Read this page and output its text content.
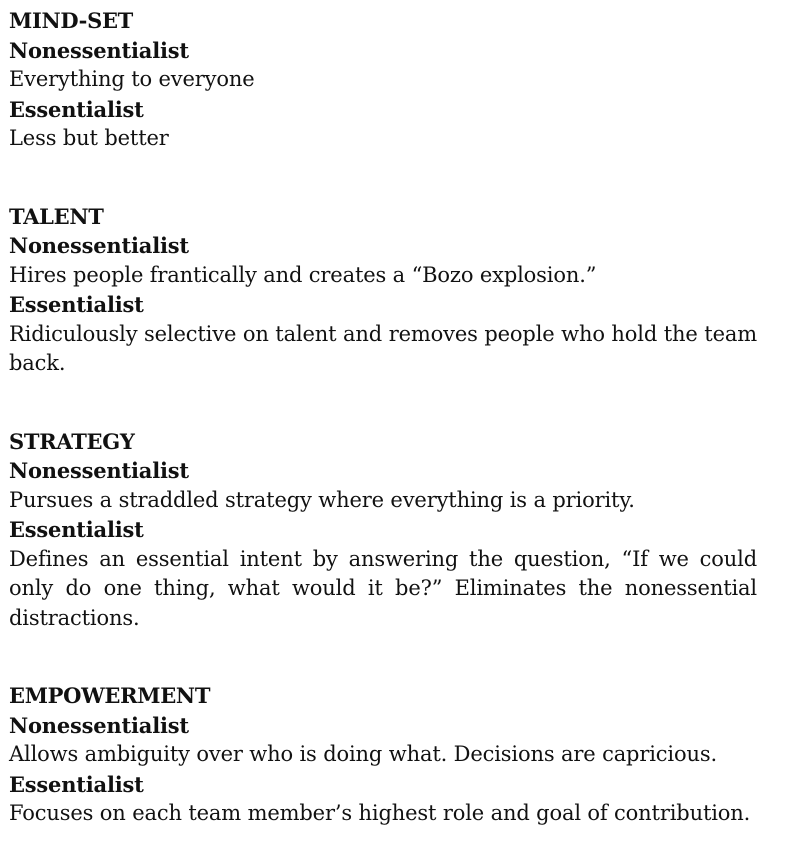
MIND-SET

Nonessentialist

Everything to everyone

Essentialist

Less but better

TALENT

Nonessentialist

Hires people frantically and creates a “Bozo explosion.”

Essentialist

Ridiculously selective on talent and removes people who hold the team back.

STRATEGY

Nonessentialist

Pursues a straddled strategy where everything is a priority.

Essentialist

Defines an essential intent by answering the question, “If we could only do one thing, what would it be?” Eliminates the nonessential distractions.

EMPOWERMENT

Nonessentialist

Allows ambiguity over who is doing what. Decisions are capricious.

Essentialist

Focuses on each team member’s highest role and goal of contribution.
